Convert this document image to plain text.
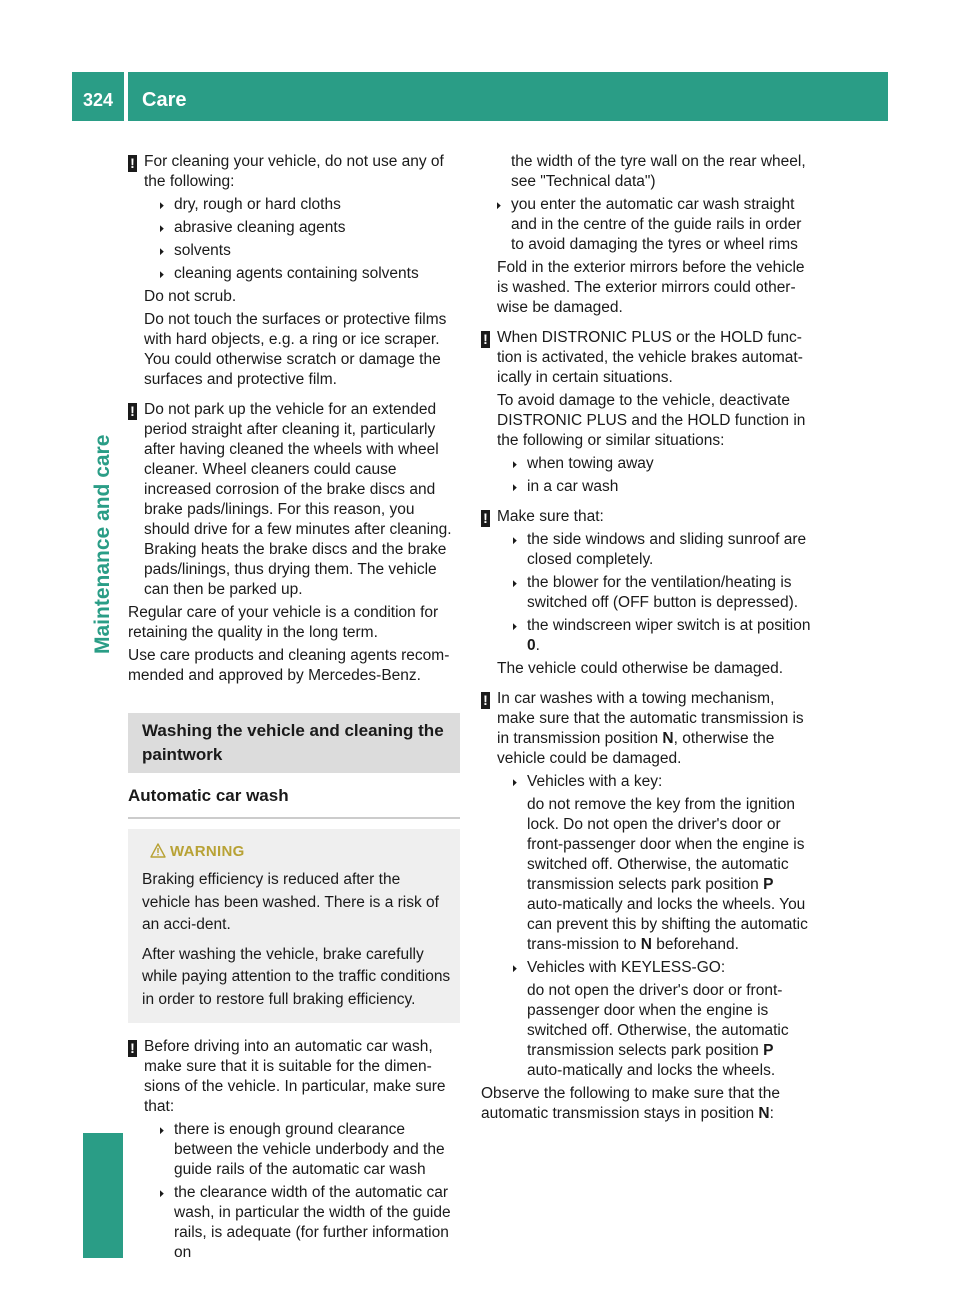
324	Care
Maintenance and care

! For cleaning your vehicle, do not use any of the following:

▶ dry, rough or hard cloths
▶ abrasive cleaning agents
▶ solvents
▶ cleaning agents containing solvents

Do not scrub.

Do not touch the surfaces or protective films with hard objects, e.g. a ring or ice scraper. You could otherwise scratch or damage the surfaces and protective film.

! Do not park up the vehicle for an extended period straight after cleaning it, particularly after having cleaned the wheels with wheel cleaner. Wheel cleaners could cause increased corrosion of the brake discs and brake pads/linings. For this reason, you should drive for a few minutes after cleaning. Braking heats the brake discs and the brake pads/linings, thus drying them. The vehicle can then be parked up.

Regular care of your vehicle is a condition for retaining the quality in the long term.

Use care products and cleaning agents recom-mended and approved by Mercedes-Benz.

Washing the vehicle and cleaning the paintwork
Automatic car wash
WARNING

Braking efficiency is reduced after the vehicle has been washed. There is a risk of an acci-dent.

After washing the vehicle, brake carefully while paying attention to the traffic conditions in order to restore full braking efficiency.

! Before driving into an automatic car wash, make sure that it is suitable for the dimen-sions of the vehicle. In particular, make sure that:

▶ there is enough ground clearance between the vehicle underbody and the guide rails of the automatic car wash
▶ the clearance width of the automatic car wash, in particular the width of the guide rails, is adequate (for further information on

the width of the tyre wall on the rear wheel, see "Technical data")

▶ you enter the automatic car wash straight and in the centre of the guide rails in order to avoid damaging the tyres or wheel rims

Fold in the exterior mirrors before the vehicle is washed. The exterior mirrors could other-wise be damaged.

! When DISTRONIC PLUS or the HOLD func-tion is activated, the vehicle brakes automat-ically in certain situations.

To avoid damage to the vehicle, deactivate DISTRONIC PLUS and the HOLD function in the following or similar situations:

▶ when towing away
▶ in a car wash

! Make sure that:

▶ the side windows and sliding sunroof are closed completely.
▶ the blower for the ventilation/heating is switched off (OFF button is depressed).
▶ the windscreen wiper switch is at position
0.

The vehicle could otherwise be damaged.

! In car washes with a towing mechanism, make sure that the automatic transmission is in transmission position N, otherwise the vehicle could be damaged.

▶ Vehicles with a key:

do not remove the key from the ignition lock. Do not open the driver's door or front-passenger door when the engine is switched off. Otherwise, the automatic transmission selects park position P auto-matically and locks the wheels. You can prevent this by shifting the automatic trans-mission to N beforehand.

▶ Vehicles with KEYLESS-GO:

do not open the driver's door or front-passenger door when the engine is switched off. Otherwise, the automatic transmission selects park position P auto-matically and locks the wheels.

Observe the following to make sure that the automatic transmission stays in position N:
